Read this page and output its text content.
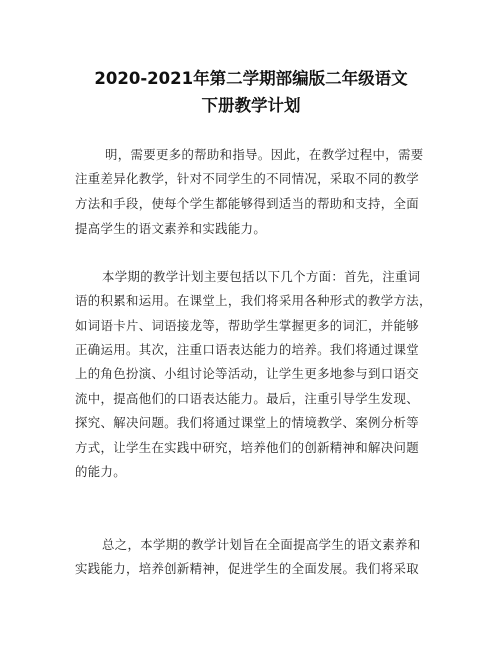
2020-2021年第二学期部编版二年级语文
下册教学计划
明，需要更多的帮助和指导。因此，在教学过程中，需要
注重差异化教学，针对不同学生的不同情况，采取不同的教学
方法和手段，使每个学生都能够得到适当的帮助和支持，全面
提高学生的语文素养和实践能力。
本学期的教学计划主要包括以下几个方面：首先，注重词
语的积累和运用。在课堂上，我们将采用各种形式的教学方法，
如词语卡片、词语接龙等，帮助学生掌握更多的词汇，并能够
正确运用。其次，注重口语表达能力的培养。我们将通过课堂
上的角色扮演、小组讨论等活动，让学生更多地参与到口语交
流中，提高他们的口语表达能力。最后，注重引导学生发现、
探究、解决问题。我们将通过课堂上的情境教学、案例分析等
方式，让学生在实践中研究，培养他们的创新精神和解决问题
的能力。
总之，本学期的教学计划旨在全面提高学生的语文素养和
实践能力，培养创新精神，促进学生的全面发展。我们将采取
